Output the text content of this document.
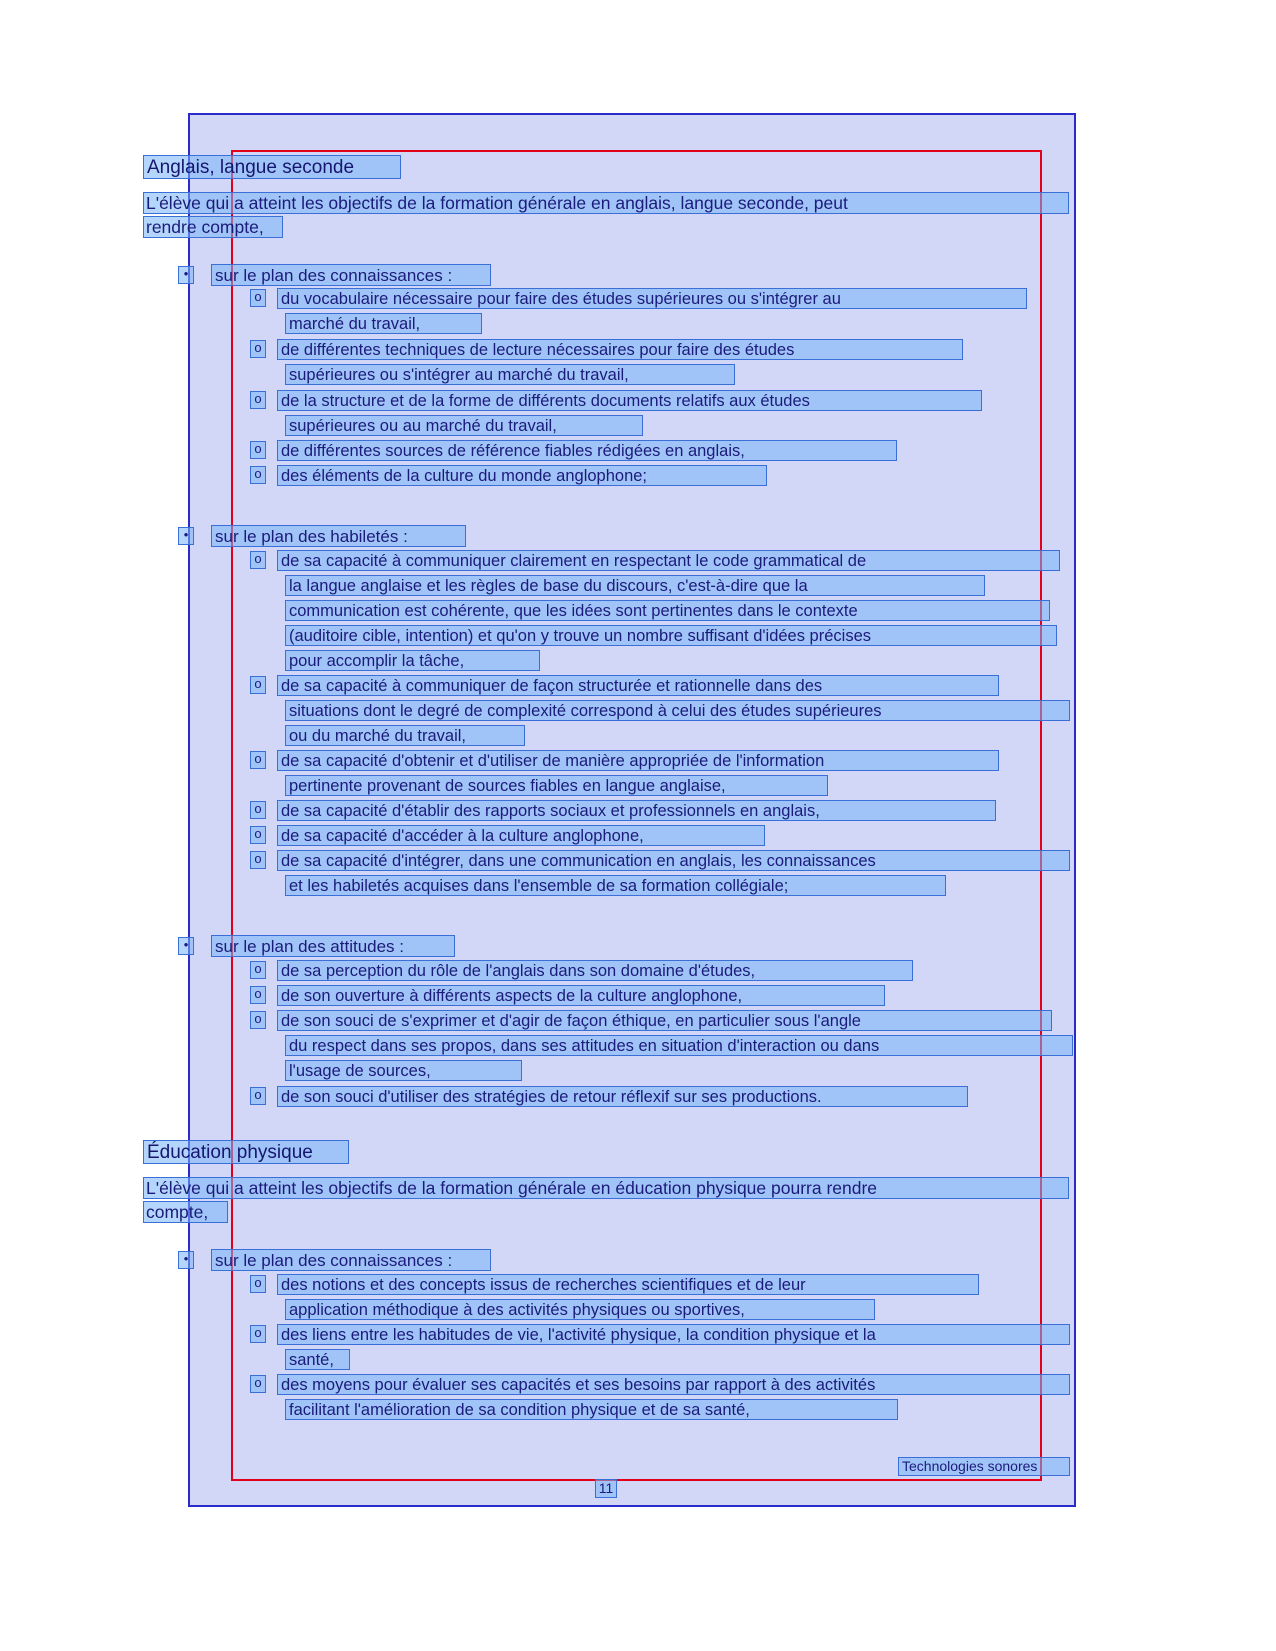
Anglais, langue seconde
L'élève qui a atteint les objectifs de la formation générale en anglais, langue seconde, peut
rendre compte,
•	sur le plan des connaissances :
o du vocabulaire nécessaire pour faire des études supérieures ou s'intégrer au
marché du travail,
o de différentes techniques de lecture nécessaires pour faire des études
supérieures ou s'intégrer au marché du travail,
o de la structure et de la forme de différents documents relatifs aux études
supérieures ou au marché du travail,
o de différentes sources de référence fiables rédigées en anglais,
o des éléments de la culture du monde anglophone;
•	sur le plan des habiletés :
o de sa capacité à communiquer clairement en respectant le code grammatical de
la langue anglaise et les règles de base du discours, c'est-à-dire que la
communication est cohérente, que les idées sont pertinentes dans le contexte
(auditoire cible, intention) et qu'on y trouve un nombre suffisant d'idées précises
pour accomplir la tâche,
o de sa capacité à communiquer de façon structurée et rationnelle dans des
situations dont le degré de complexité correspond à celui des études supérieures
ou du marché du travail,
o de sa capacité d'obtenir et d'utiliser de manière appropriée de l'information
pertinente provenant de sources fiables en langue anglaise,
o de sa capacité d'établir des rapports sociaux et professionnels en anglais,
o de sa capacité d'accéder à la culture anglophone,
o de sa capacité d'intégrer, dans une communication en anglais, les connaissances
et les habiletés acquises dans l'ensemble de sa formation collégiale;
•	sur le plan des attitudes :
o de sa perception du rôle de l'anglais dans son domaine d'études,
o de son ouverture à différents aspects de la culture anglophone,
o de son souci de s'exprimer et d'agir de façon éthique, en particulier sous l'angle
du respect dans ses propos, dans ses attitudes en situation d'interaction ou dans
l'usage de sources,
o de son souci d'utiliser des stratégies de retour réflexif sur ses productions.
Éducation physique
L'élève qui a atteint les objectifs de la formation générale en éducation physique pourra rendre
compte,
•	sur le plan des connaissances :
o des notions et des concepts issus de recherches scientifiques et de leur
application méthodique à des activités physiques ou sportives,
o des liens entre les habitudes de vie, l'activité physique, la condition physique et la
santé,
o des moyens pour évaluer ses capacités et ses besoins par rapport à des activités
facilitant l'amélioration de sa condition physique et de sa santé,
Technologies sonores
11
